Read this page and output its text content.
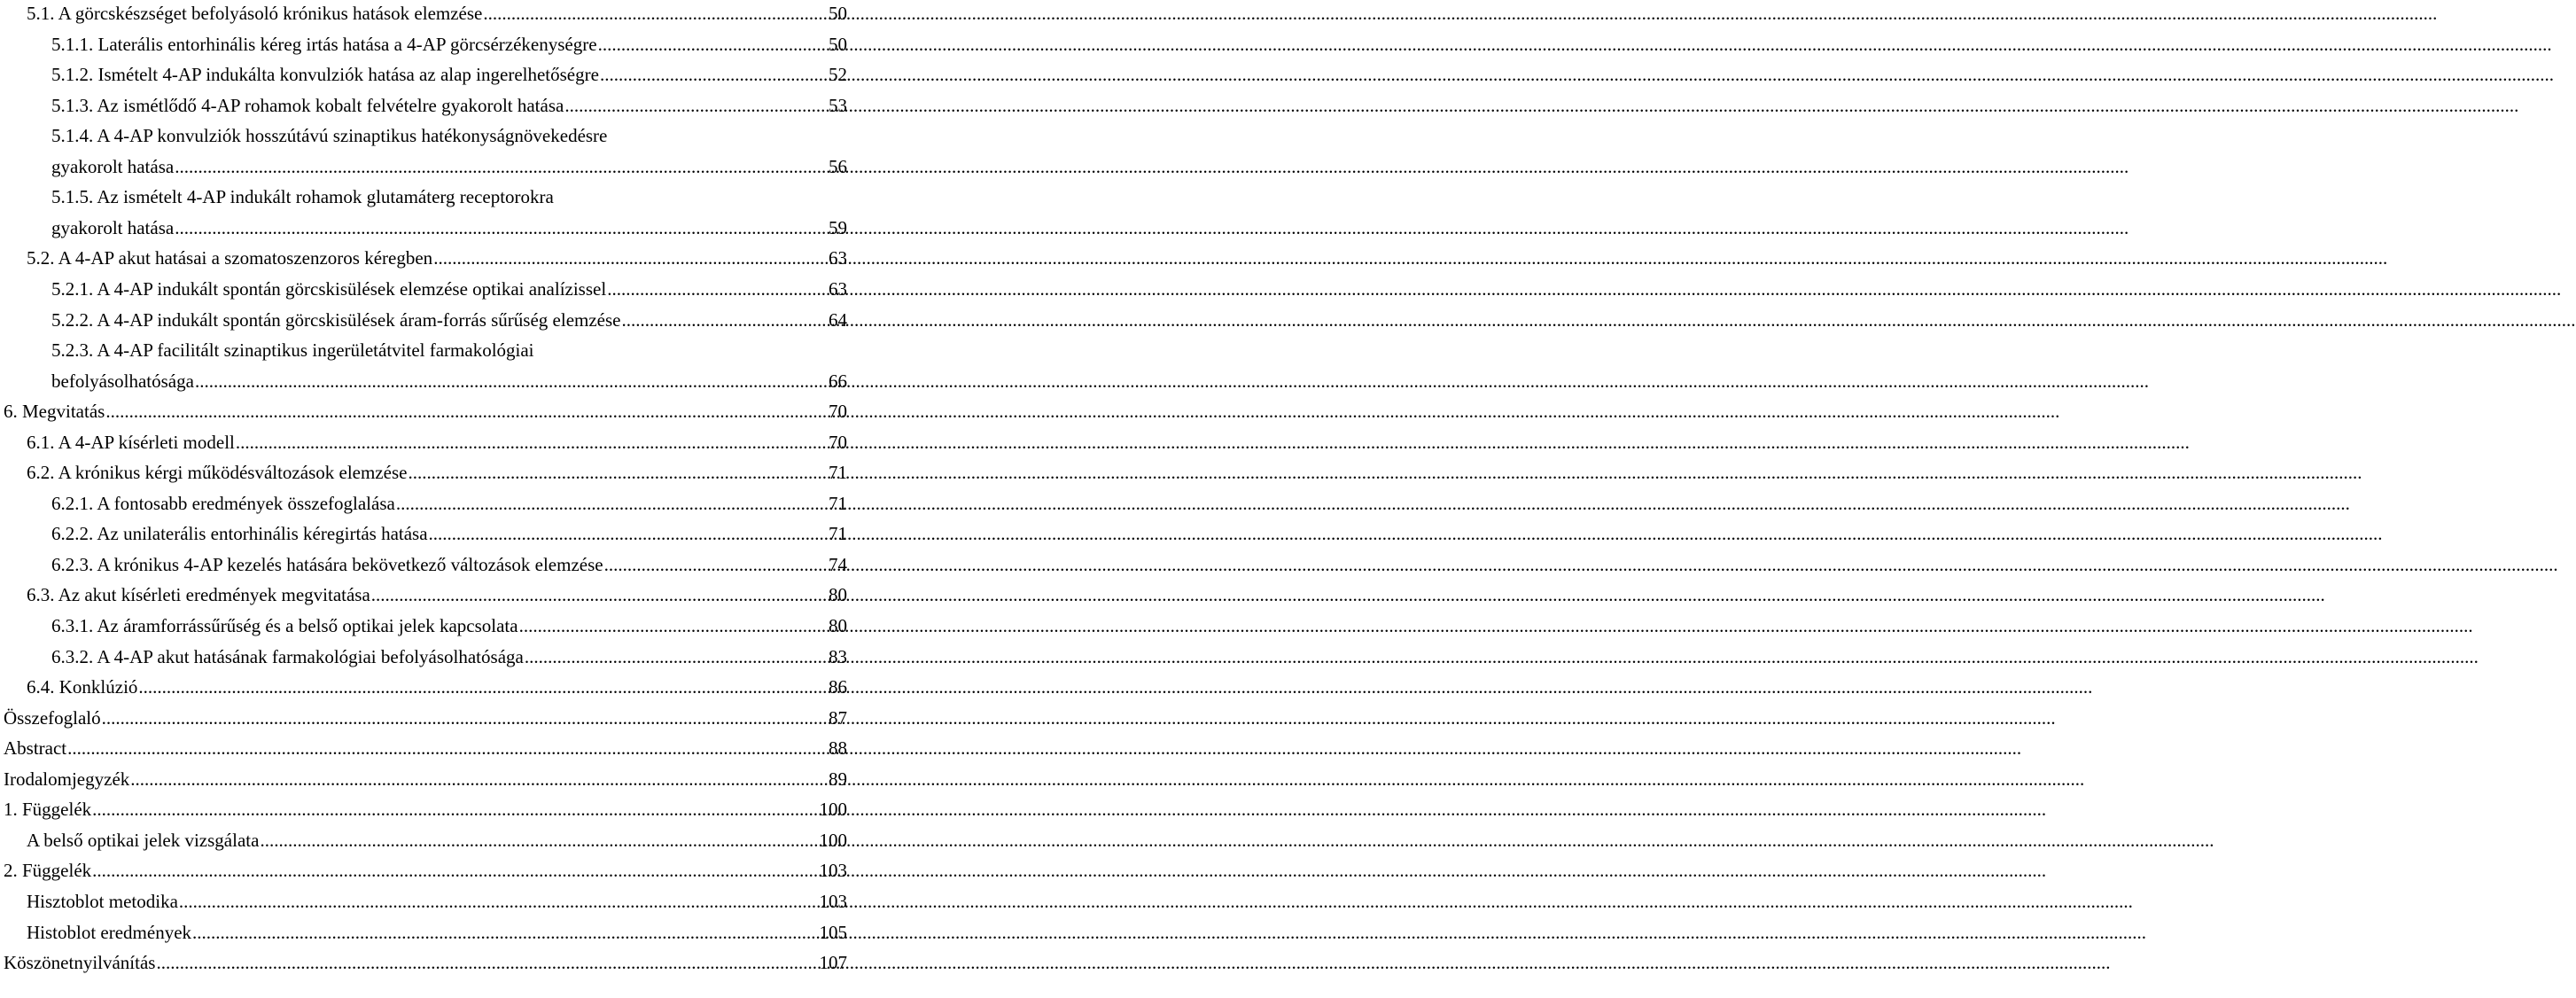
5.1. A görcskészséget befolyásoló krónikus hatások elemzése .....	50
5.1.1. Laterális entorhinális kéreg irtás hatása a 4-AP görcsérzékenységre .....	50
5.1.2. Ismételt 4-AP indukálta konvulziók hatása az alap ingerelhetőségre .....	52
5.1.3. Az ismétlődő 4-AP rohamok kobalt felvételre gyakorolt hatása .....	53
5.1.4. A 4-AP konvulziók hosszútávú szinaptikus hatékonyságnövekedésre
gyakorolt hatása .....	56
5.1.5. Az ismételt 4-AP indukált rohamok glutamáterg receptorokra
gyakorolt hatása .....	59
5.2. A 4-AP akut hatásai a szomatoszenzoros kéregben .....	63
5.2.1. A 4-AP indukált spontán görcskisülések elemzése optikai analízissel .....	63
5.2.2. A 4-AP indukált spontán görcskisülések áram-forrás sűrűség elemzése .....	64
5.2.3. A 4-AP facilitált szinaptikus ingerületátvitel farmakológiai
befolyásolhatósága .....	66
6. Megvitatás .....	70
6.1. A 4-AP kísérleti modell .....	70
6.2. A krónikus kérgi működésváltozások elemzése .....	71
6.2.1. A fontosabb eredmények összefoglalása .....	71
6.2.2. Az unilaterális entorhinális kéregirtás hatása .....	71
6.2.3. A krónikus 4-AP kezelés hatására bekövetkező változások elemzése .....	74
6.3. Az akut kísérleti eredmények megvitatása .....	80
6.3.1. Az áramforrássűrűség és a belső optikai jelek kapcsolata .....	80
6.3.2. A 4-AP akut hatásának farmakológiai befolyásolhatósága .....	83
6.4. Konklúzió .....	86
Összefoglaló .....	87
Abstract .....	88
Irodalomjegyzék .....	89
1. Függelék .....	100
A belső optikai jelek vizsgálata .....	100
2. Függelék .....	103
Hisztoblot metodika .....	103
Histoblot eredmények .....	105
Köszönetnyilvánítás .....	107
